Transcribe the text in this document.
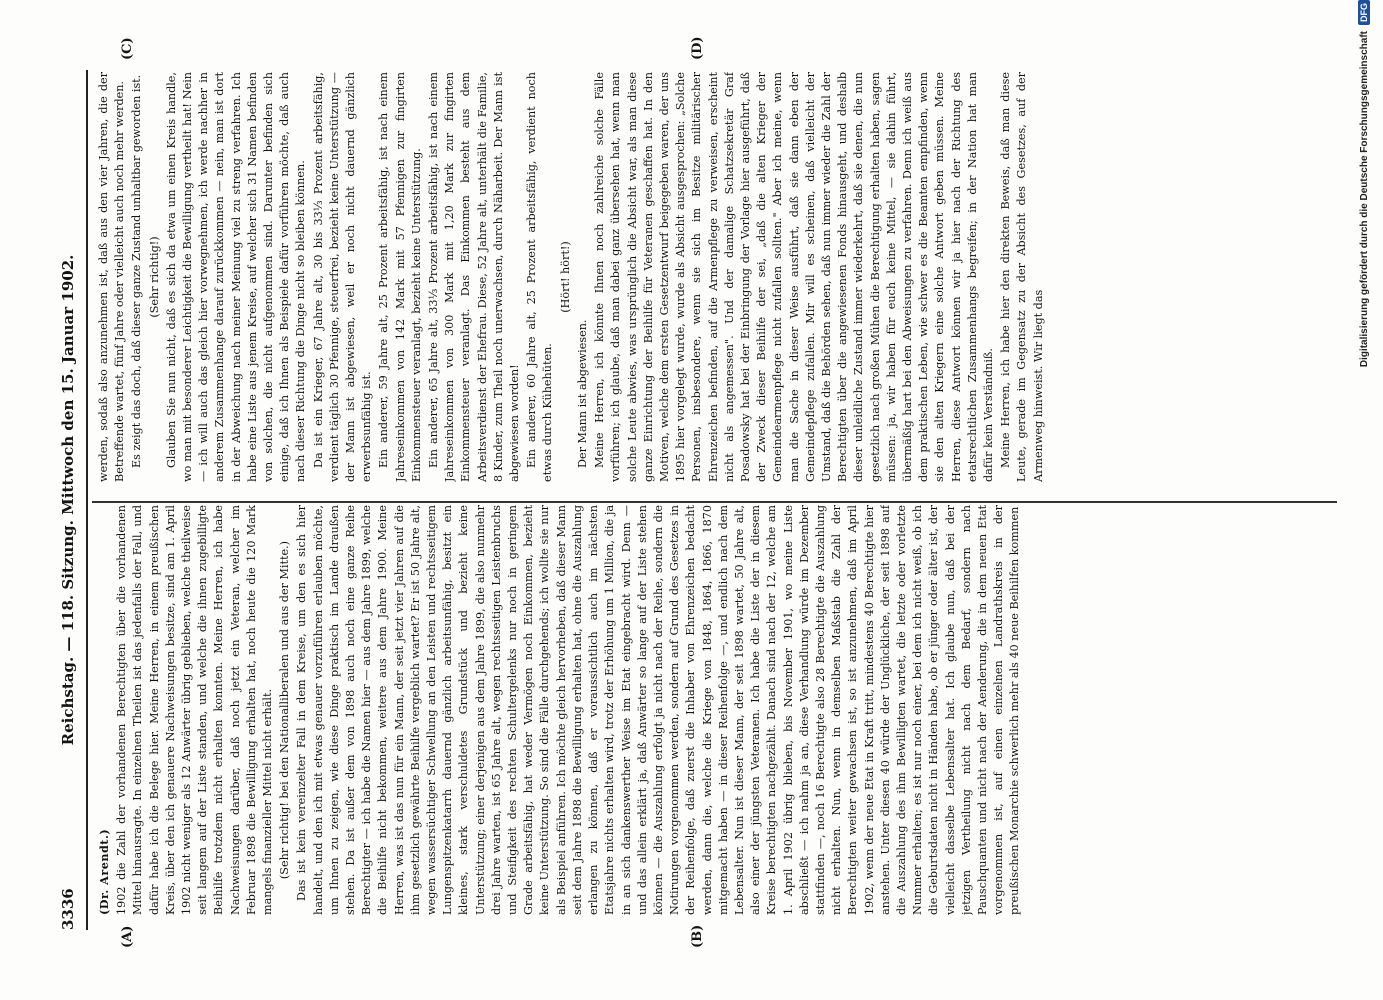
3336
Reichstag. — 118. Sitzung. Mittwoch den 15. Januar 1902.
(A)	(B)
(C)	(D)

(Dr. Arendt.) 1902 die Zahl der vorhandenen Berechtigten über die vorhandenen Mittel hinausragte. In einzelnen Theilen ist das jedenfalls der Fall, und dafür habe ich die Belege hier. Meine Herren, in einem preußischen Kreis, über den ich genauere Nachweisungen besitze, sind am 1. April 1902 nicht weniger als 12 Anwärter übrig geblieben, welche theilweise seit langem auf der Liste standen, und welche die ihnen zugebilligte Beihilfe trotzdem nicht erhalten konnten. Meine Herren, ich habe Nachweisungen darüber, daß noch jetzt ein Veteran, welcher im Februar 1898 die Bewilligung erhalten hat, noch heute die 120 Mark mangels finanzieller Mittel nicht erhält. (Sehr richtig! bei den Nationalliberalen und aus der Mitte.) Das ist kein vereinzelter Fall in dem Kreise, um den es sich hier handelt, und den ich mit etwas genauer vorzuführen erlauben möchte, um Ihnen zu zeigen, wie diese Dinge praktisch im Lande draußen stehen. Da ist außer dem von 1898 auch noch eine ganze Reihe Berechtigter — ich habe die Namen hier — aus dem Jahre 1899, welche die Beihilfe nicht bekommen, weitere aus dem Jahre 1900. Meine Herren, was ist das nun für ein Mann, der seit jetzt vier Jahren auf die ihm gesetzlich gewährte Beihilfe vergeblich wartet? Er ist 50 Jahre alt, wegen wassersüchtiger Schwellung an den Leisten und rechtsseitigem Lungenspitzenkatarrh dauernd gänzlich arbeitsunfähig, besitzt ein kleines, stark verschuldetes Grundstück und bezieht keine Unterstützung; einer derjenigen aus dem Jahre 1899, die also nunmehr drei Jahre warten, ist 65 Jahre alt, wegen rechtsseitigen Leistenbruchs und Steifigkeit des rechten Schultergelenks nur noch in geringem Grade arbeitsfähig, hat weder Vermögen noch Einkommen, bezieht keine Unterstützung. So sind die Fälle durchgehends; ich wollte sie nur als Beispiel anführen. Ich möchte gleich hervorheben, daß dieser Mann seit dem Jahre 1898 die Bewilligung erhalten hat, ohne die Auszahlung erlangen zu können, daß er voraussichtlich auch im nächsten Etatsjahre nichts erhalten wird, trotz der Erhöhung um 1 Million, die ja in an sich dankenswerther Weise im Etat eingebracht wird. Denn — und das allein erklärt ja, daß Anwärter so lange auf der Liste stehen können — die Auszahlung erfolgt ja nicht nach der Reihe, sondern die Notirungen vorgenommen werden, sondern auf Grund des Gesetzes in der Reihenfolge, daß zuerst die Inhaber von Ehrenzeichen bedacht werden, dann die, welche die Kriege von 1848, 1864, 1866, 1870 mitgemacht haben — in dieser Reihenfolge —, und endlich nach dem Lebensalter. Nun ist dieser Mann, der seit 1898 wartet, 50 Jahre alt, also einer der jüngsten Veteranen. Ich habe die Liste der in diesem Kreise berechtigten nachgezählt. Danach sind nach der 12, welche am 1. April 1902 übrig blieben, bis November 1901, wo meine Liste abschließt — ich nahm ja an, diese Verhandlung würde im Dezember stattfinden —, noch 16 Berechtigte also 28 Berechtigte die Auszahlung nicht erhalten. Nun, wenn in demselben Maßstab die Zahl der Berechtigten weiter gewachsen ist, so ist anzunehmen, daß im April 1902, wenn der neue Etat in Kraft tritt, mindestens 40 Berechtigte hier anstehen. Unter diesen 40 würde der Unglückliche, der seit 1898 auf die Auszahlung des ihm Bewilligten wartet, die letzte oder vorletzte Nummer erhalten; es ist nur noch einer, bei dem ich nicht weiß, ob ich die Geburtsdaten nicht in Händen habe, ob er jünger oder älter ist, der vielleicht dasselbe Lebensalter hat. Ich glaube nun, daß bei der jetzigen Vertheilung nicht nach dem Bedarf, sondern nach Pauschquanten und nicht nach der Aenderung, die in dem neuen Etat vorgenommen ist, auf einen einzelnen Landrathskreis in der preußischen Monarchie schwerlich mehr als 40 neue Beihilfen kommen

werden, sodaß also anzunehmen ist, daß aus den vier Jahren, die der Betreffende wartet, fünf Jahre oder vielleicht auch noch mehr werden. Es zeigt das doch, daß dieser ganze Zustand unhaltbar geworden ist. (Sehr richtig!) Glauben Sie nun nicht, daß es sich da etwa um einen Kreis handle, wo man mit besonderer Leichtigkeit die Bewilligung vertheilt hat! Nein — ich will auch das gleich hier vorwegnehmen, ich werde nachher in anderem Zusammenhange darauf zurückkommen — nein, man ist dort in der Abweichung nach meiner Meinung viel zu streng verfahren. Ich habe eine Liste aus jenem Kreise, auf welcher sich 31 Namen befinden von solchen, die nicht aufgenommen sind. Darunter befinden sich einige, daß ich Ihnen als Beispiele dafür vorführen möchte, daß auch nach dieser Richtung die Dinge nicht so bleiben können. Da ist ein Krieger, 67 Jahre alt, 30 bis 33⅓ Prozent arbeitsfähig, verdient täglich 30 Pfennige, steuerfrei, bezieht keine Unterstützung — der Mann ist abgewiesen, weil er noch nicht dauernd gänzlich erwerbsunfähig ist. Ein anderer, 59 Jahre alt, 25 Prozent arbeitsfähig, ist nach einem Jahreseinkommen von 142 Mark mit 57 Pfennigen zur fingirten Einkommensteuer veranlagt, bezieht keine Unterstützung. Ein anderer, 65 Jahre alt, 33⅓ Prozent arbeitsfähig, ist nach einem Jahreseinkommen von 300 Mark mit 1,20 Mark zur fingirten Einkommensteuer veranlagt. Das Einkommen besteht aus dem Arbeitsverdienst der Ehefrau. Diese, 52 Jahre alt, unterhält die Familie, 8 Kinder, zum Theil noch unerwachsen, durch Näharbeit. Der Mann ist abgewiesen worden! Ein anderer, 60 Jahre alt, 25 Prozent arbeitsfähig, verdient noch etwas durch Kühehüten.

(Hört! hört!)

Der Mann ist abgewiesen. Meine Herren, ich könnte Ihnen noch zahlreiche solche Fälle vorführen; ich glaube, daß man dabei ganz übersehen hat, wenn man solche Leute abwies, was ursprünglich die Absicht war, als man diese ganze Einrichtung der Beihilfe für Veteranen geschaffen hat. In den Motiven, welche dem ersten Gesetzentwurf beigegeben waren, der uns 1895 hier vorgelegt wurde, wurde als Absicht ausgesprochen: „Solche Personen, insbesondere, wenn sie sich im Besitze militärischer Ehrenzeichen befinden, auf die Armenpflege zu verweisen, erscheint nicht als angemessen". Und der damalige Schatzsekretär Graf Posadowsky hat bei der Einbringung der Vorlage hier ausgeführt, daß der Zweck dieser Beihilfe der sei, „daß die alten Krieger der Gemeindearmenpflege nicht zufallen sollten." Aber ich meine, wenn man die Sache in dieser Weise ausführt, daß sie dann eben der Gemeindepflege zufallen. Mir will es scheinen, daß vielleicht der Umstand, daß die Behörden sehen, daß nun immer wieder die Zahl der Berechtigten über die angewiesenen Fonds hinausgeht, und deshalb dieser unleidliche Zustand immer wiederkehrt, daß sie denen, die nun gesetzlich nach großen Mühen die Berechtigung erhalten haben, sagen müssen: ja, wir haben für euch keine Mittel, — sie dahin führt, übermäßig hart bei den Abweisungen zu verfahren. Denn ich weiß aus dem praktischen Leben, wie schwer es die Beamten empfinden, wenn sie den alten Kriegern eine solche Antwort geben müssen. Meine Herren, diese Antwort können wir ja hier nach der Richtung des etatsrechtlichen Zusammenhangs begreifen; in der Nation hat man dafür kein Verständniß. Meine Herren, ich habe hier den direkten Beweis, daß man diese Leute, gerade im Gegensatz zu der Absicht des Gesetzes, auf der Armenweg hinweist. Wir liegt das

Digitalisierung gefördert durch die Deutsche ForschungsgemeinschaftDFG
